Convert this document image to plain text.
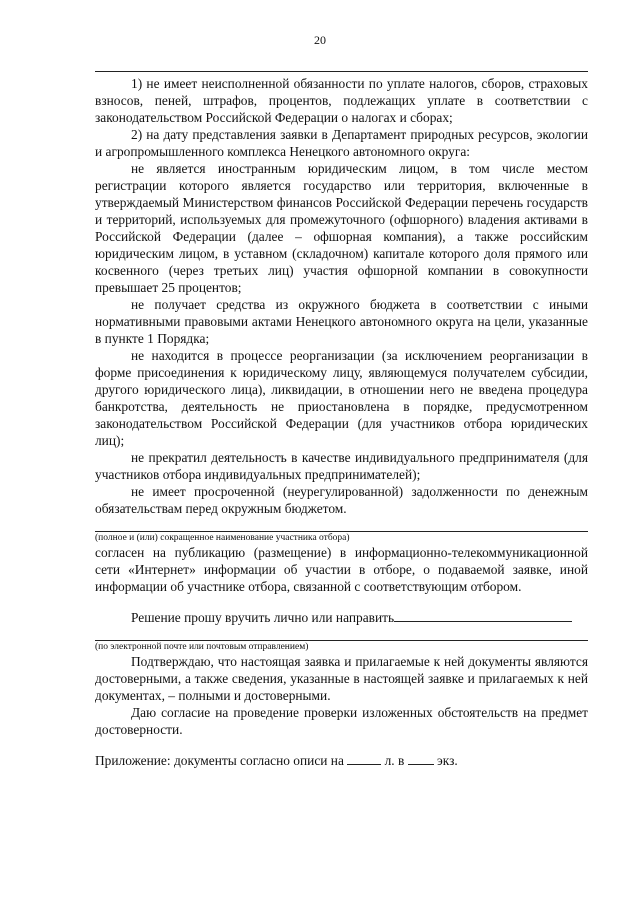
20

1) не имеет неисполненной обязанности по уплате налогов, сборов, страховых взносов, пеней, штрафов, процентов, подлежащих уплате в соответствии с законодательством Российской Федерации о налогах и сборах;

2) на дату представления заявки в Департамент природных ресурсов, экологии и агропромышленного комплекса Ненецкого автономного округа:

не является иностранным юридическим лицом, в том числе местом регистрации которого является государство или территория, включенные в утверждаемый Министерством финансов Российской Федерации перечень государств и территорий, используемых для промежуточного (офшорного) владения активами в Российской Федерации (далее – офшорная компания), а также российским юридическим лицом, в уставном (складочном) капитале которого доля прямого или косвенного (через третьих лиц) участия офшорной компании в совокупности превышает 25 процентов;

не получает средства из окружного бюджета в соответствии с иными нормативными правовыми актами Ненецкого автономного округа на цели, указанные в пункте 1 Порядка;

не находится в процессе реорганизации (за исключением реорганизации в форме присоединения к юридическому лицу, являющемуся получателем субсидии, другого юридического лица), ликвидации, в отношении него не введена процедура банкротства, деятельность не приостановлена в порядке, предусмотренном законодательством Российской Федерации (для участников отбора юридических лиц);

не прекратил деятельность в качестве индивидуального предпринимателя (для участников отбора индивидуальных предпринимателей);

не имеет просроченной (неурегулированной) задолженности по денежным обязательствам перед окружным бюджетом.

(полное и (или) сокращенное наименование участника отбора)

согласен на публикацию (размещение) в информационно-телекоммуникационной сети «Интернет» информации об участии в отборе, о подаваемой заявке, иной информации об участнике отбора, связанной с соответствующим отбором.

Решение прошу вручить лично или направить

(по электронной почте или почтовым отправлением)

Подтверждаю, что настоящая заявка и прилагаемые к ней документы являются достоверными, а также сведения, указанные в настоящей заявке и прилагаемых к ней документах, – полными и достоверными.

Даю согласие на проведение проверки изложенных обстоятельств на предмет достоверности.

Приложение: документы согласно описи на	л. в экз.
